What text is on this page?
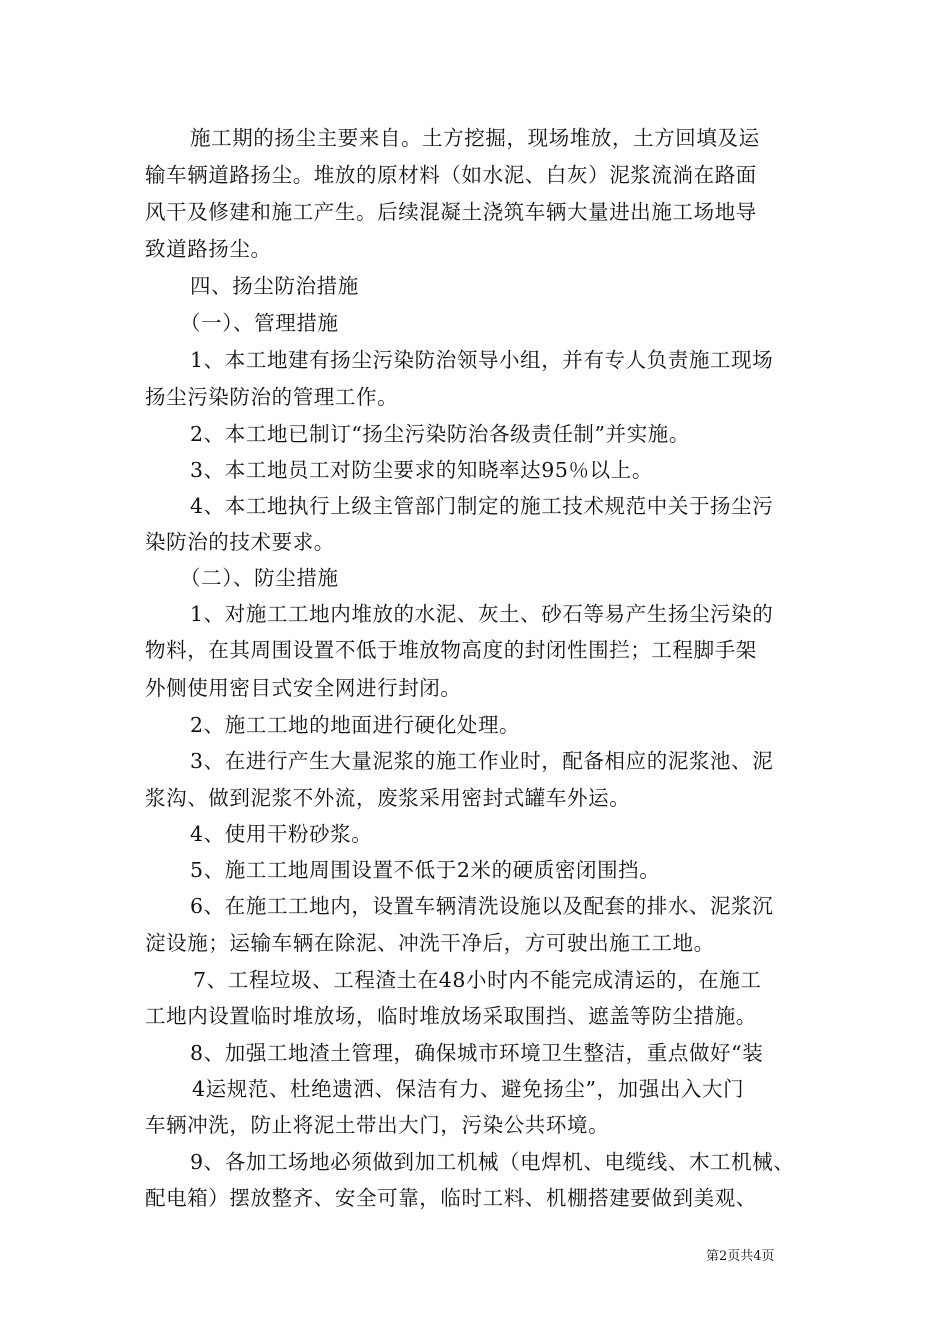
施工期的扬尘主要来自。土方挖掘，现场堆放，土方回填及运
输车辆道路扬尘。堆放的原材料（如水泥、白灰）泥浆流淌在路面
风干及修建和施工产生。后续混凝土浇筑车辆大量进出施工场地导
致道路扬尘。
四、扬尘防治措施
（一）、管理措施
1、本工地建有扬尘污染防治领导小组，并有专人负责施工现场
扬尘污染防治的管理工作。
2、本工地已制订“扬尘污染防治各级责任制”并实施。
3、本工地员工对防尘要求的知晓率达95％以上。
4、本工地执行上级主管部门制定的施工技术规范中关于扬尘污
染防治的技术要求。
（二）、防尘措施
1、对施工工地内堆放的水泥、灰土、砂石等易产生扬尘污染的
物料，在其周围设置不低于堆放物高度的封闭性围拦；工程脚手架
外侧使用密目式安全网进行封闭。
2、施工工地的地面进行硬化处理。
3、在进行产生大量泥浆的施工作业时，配备相应的泥浆池、泥
浆沟、做到泥浆不外流，废浆采用密封式罐车外运。
4、使用干粉砂浆。
5、施工工地周围设置不低于2米的硬质密闭围挡。
6、在施工工地内，设置车辆清洗设施以及配套的排水、泥浆沉
淀设施；运输车辆在除泥、冲洗干净后，方可驶出施工工地。
7、工程垃圾、工程渣土在48小时内不能完成清运的，在施工
工地内设置临时堆放场，临时堆放场采取围挡、遮盖等防尘措施。
8、加强工地渣土管理，确保城市环境卫生整洁，重点做好“装
4运规范、杜绝遗洒、保洁有力、避免扬尘”，加强出入大门
车辆冲洗，防止将泥土带出大门，污染公共环境。
9、各加工场地必须做到加工机械（电焊机、电缆线、木工机械、
配电箱）摆放整齐、安全可靠，临时工料、机棚搭建要做到美观、
第2页共4页
